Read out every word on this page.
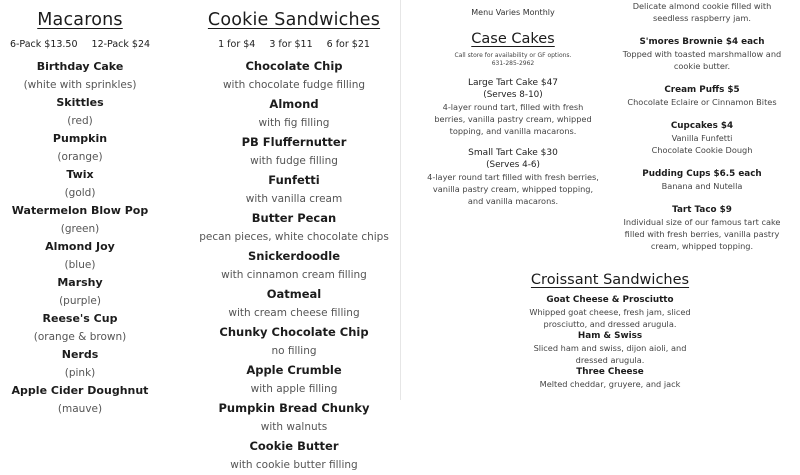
Macarons
6-Pack $13.50 12-Pack $24
Birthday Cake
(white with sprinkles)
Skittles
(red)
Pumpkin
(orange)
Twix
(gold)
Watermelon Blow Pop
(green)
Almond Joy
(blue)
Marshy
(purple)
Reese's Cup
(orange & brown)
Nerds
(pink)
Apple Cider Doughnut
(mauve)
Cookie Sandwiches
1 for $4 3 for $11 6 for $21
Chocolate Chip
with chocolate fudge filling
Almond
with fig filling
PB Fluffernutter
with fudge filling
Funfetti
with vanilla cream
Butter Pecan
pecan pieces, white chocolate chips
Snickerdoodle
with cinnamon cream filling
Oatmeal
with cream cheese filling
Chunky Chocolate Chip
no filling
Apple Crumble
with apple filling
Pumpkin Bread Chunky
with walnuts
Cookie Butter
with cookie butter filling
Menu Varies Monthly
Case Cakes
Call store for availability or GF options.
631-285-2962
Large Tart Cake $47
(Serves 8-10)
4-layer round tart, filled with fresh
berries, vanilla pastry cream, whipped
topping, and vanilla macarons.
Small Tart Cake $30
(Serves 4-6)
4-layer round tart filled with fresh berries,
vanilla pastry cream, whipped topping,
and vanilla macarons.
Delicate almond cookie filled with
seedless raspberry jam.
S'mores Brownie $4 each
Topped with toasted marshmallow and
cookie butter.
Cream Puffs $5
Chocolate Eclaire or Cinnamon Bites
Cupcakes $4
Vanilla Funfetti
Chocolate Cookie Dough
Pudding Cups $6.5 each
Banana and Nutella
Tart Taco $9
Individual size of our famous tart cake
filled with fresh berries, vanilla pastry
cream, whipped topping.
Croissant Sandwiches
Goat Cheese & Prosciutto
Whipped goat cheese, fresh jam, sliced
prosciutto, and dressed arugula.
Ham & Swiss
Sliced ham and swiss, dijon aioli, and
dressed arugula.
Three Cheese
Melted cheddar, gruyere, and jack
